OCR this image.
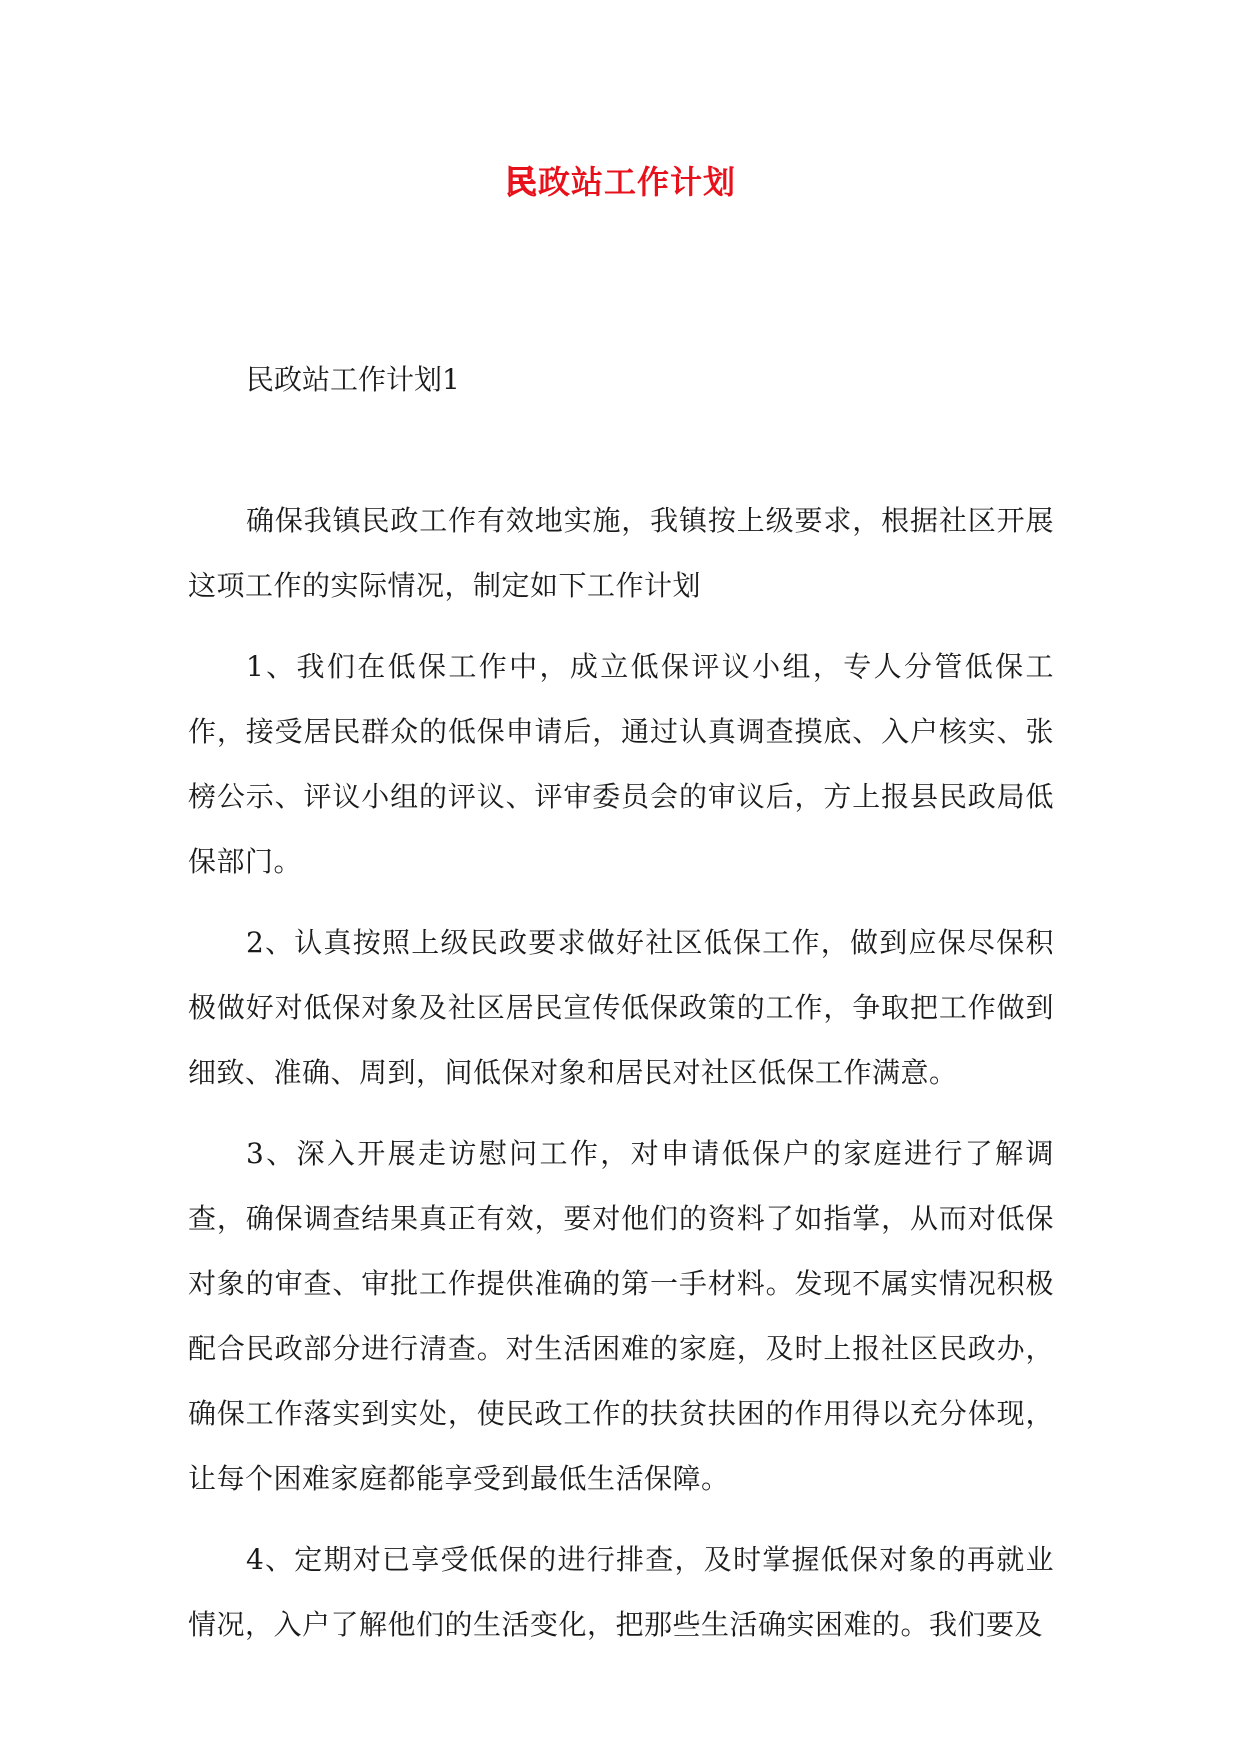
民政站工作计划
民政站工作计划1

确保我镇民政工作有效地实施，我镇按上级要求，根据社区开展这项工作的实际情况，制定如下工作计划

1、我们在低保工作中，成立低保评议小组，专人分管低保工作，接受居民群众的低保申请后，通过认真调查摸底、入户核实、张榜公示、评议小组的评议、评审委员会的审议后，方上报县民政局低保部门。

2、认真按照上级民政要求做好社区低保工作，做到应保尽保积极做好对低保对象及社区居民宣传低保政策的工作，争取把工作做到细致、准确、周到，间低保对象和居民对社区低保工作满意。

3、深入开展走访慰问工作，对申请低保户的家庭进行了解调查，确保调查结果真正有效，要对他们的资料了如指掌，从而对低保对象的审查、审批工作提供准确的第一手材料。发现不属实情况积极配合民政部分进行清查。对生活困难的家庭，及时上报社区民政办，确保工作落实到实处，使民政工作的扶贫扶困的作用得以充分体现，让每个困难家庭都能享受到最低生活保障。

4、定期对已享受低保的进行排查，及时掌握低保对象的再就业情况，入户了解他们的生活变化，把那些生活确实困难的。我们要及
